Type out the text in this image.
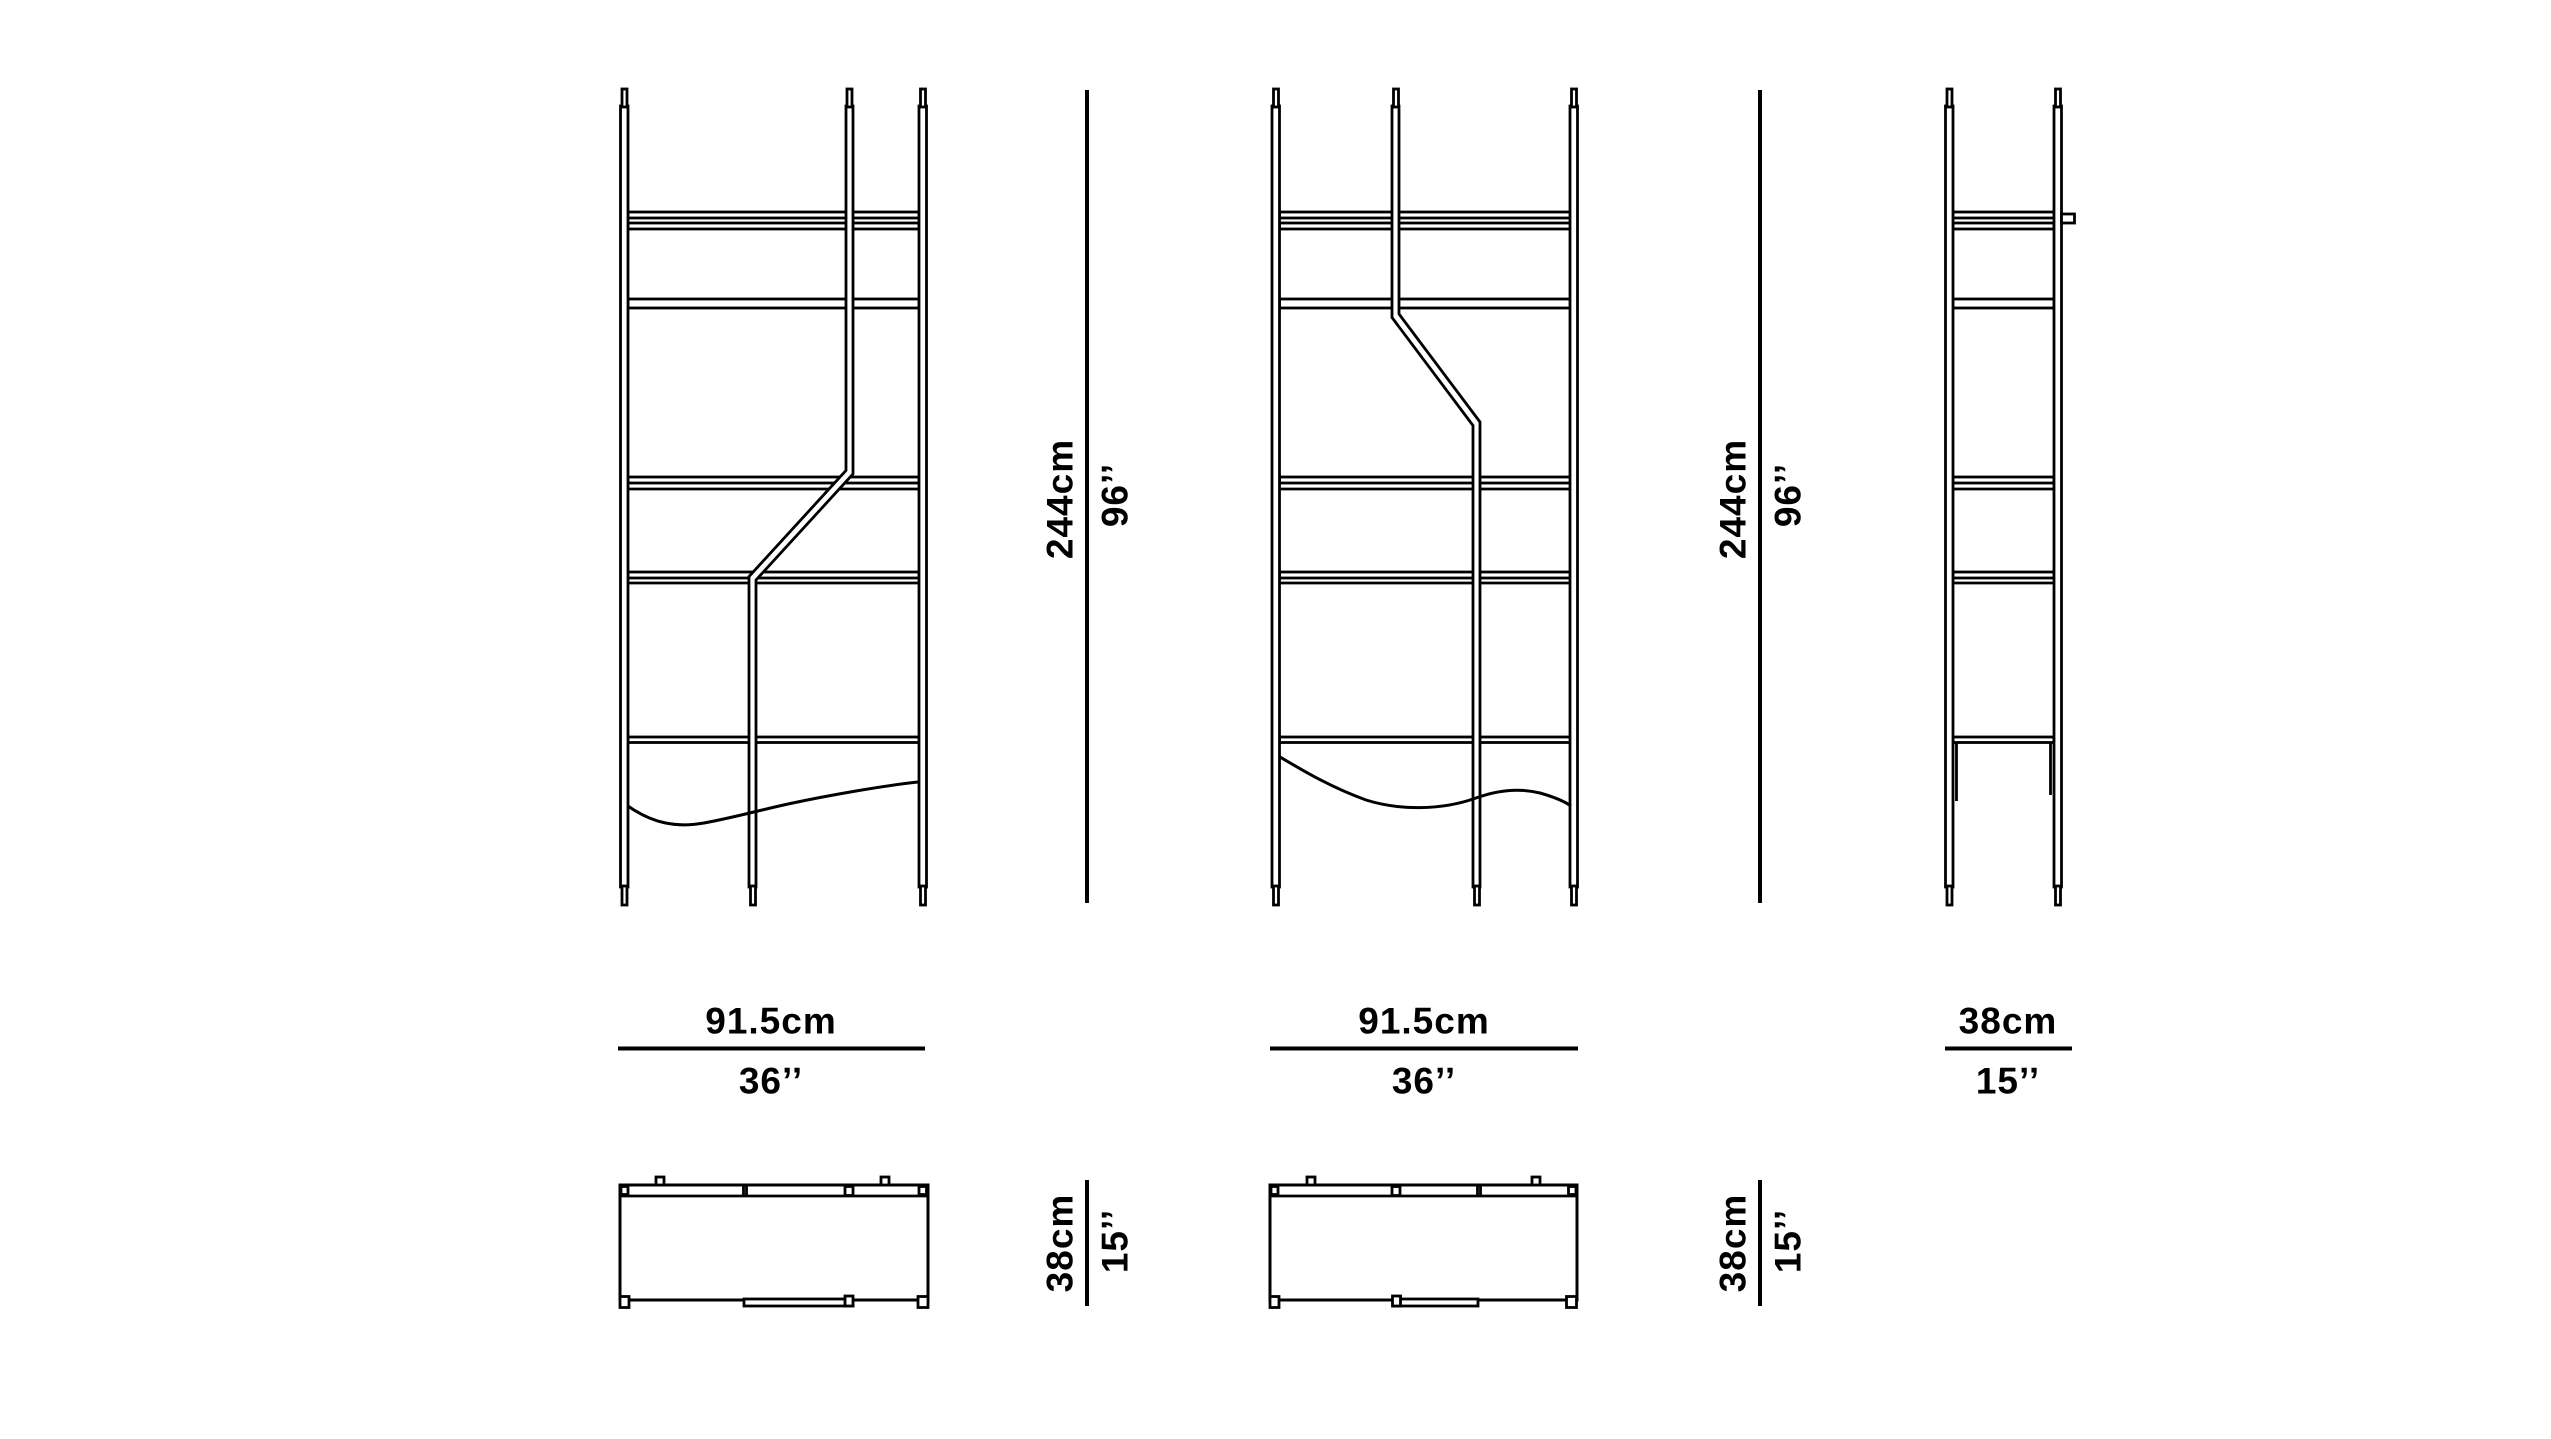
244cm 96’’	244cm 96’’
91.5cm
36’’
91.5cm
36’’
38cm
15’’
38cm 15’’	38cm 15’’
